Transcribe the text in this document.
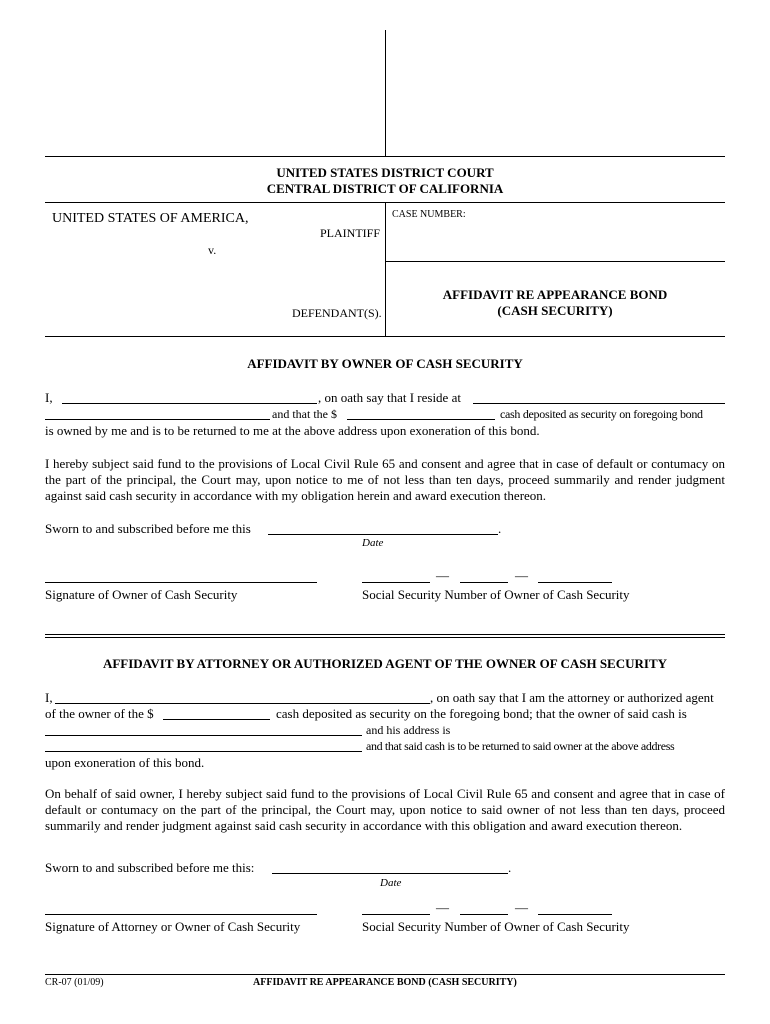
UNITED STATES DISTRICT COURT
CENTRAL DISTRICT OF CALIFORNIA
UNITED STATES OF AMERICA,
PLAINTIFF
v.
DEFENDANT(S).
CASE NUMBER:
AFFIDAVIT RE APPEARANCE BOND
(CASH SECURITY)
AFFIDAVIT BY OWNER OF CASH SECURITY
I,	, on oath say that I reside at
and that the $	cash deposited as security on foregoing bond
is owned by me and is to be returned to me at the above address upon exoneration of this bond.
I hereby subject said fund to the provisions of Local Civil Rule 65 and consent and agree that in case of default or contumacy on the part of the principal, the Court may, upon notice to me of not less than ten days, proceed summarily and render judgment against said cash security in accordance with my obligation herein and award execution thereon.
Sworn to and subscribed before me this	.
Date
—	—
Signature of Owner of Cash Security	Social Security Number of Owner of Cash Security
AFFIDAVIT BY ATTORNEY OR AUTHORIZED AGENT OF THE OWNER OF CASH SECURITY
I,	, on oath say that I am the attorney or authorized agent
of the owner of the $	cash deposited as security on the foregoing bond; that the owner of said cash is
and his address is
and that said cash is to be returned to said owner at the above address
upon exoneration of this bond.
On behalf of said owner, I hereby subject said fund to the provisions of Local Civil Rule 65 and consent and agree that in case of default or contumacy on the part of the principal, the Court may, upon notice to said owner of not less than ten days, proceed summarily and render judgment against said cash security in accordance with this obligation and award execution thereon.
Sworn to and subscribed before me this:	.
Date
—	—
Signature of Attorney or Owner of Cash Security	Social Security Number of Owner of Cash Security
CR-07 (01/09)	AFFIDAVIT RE APPEARANCE BOND (CASH SECURITY)
